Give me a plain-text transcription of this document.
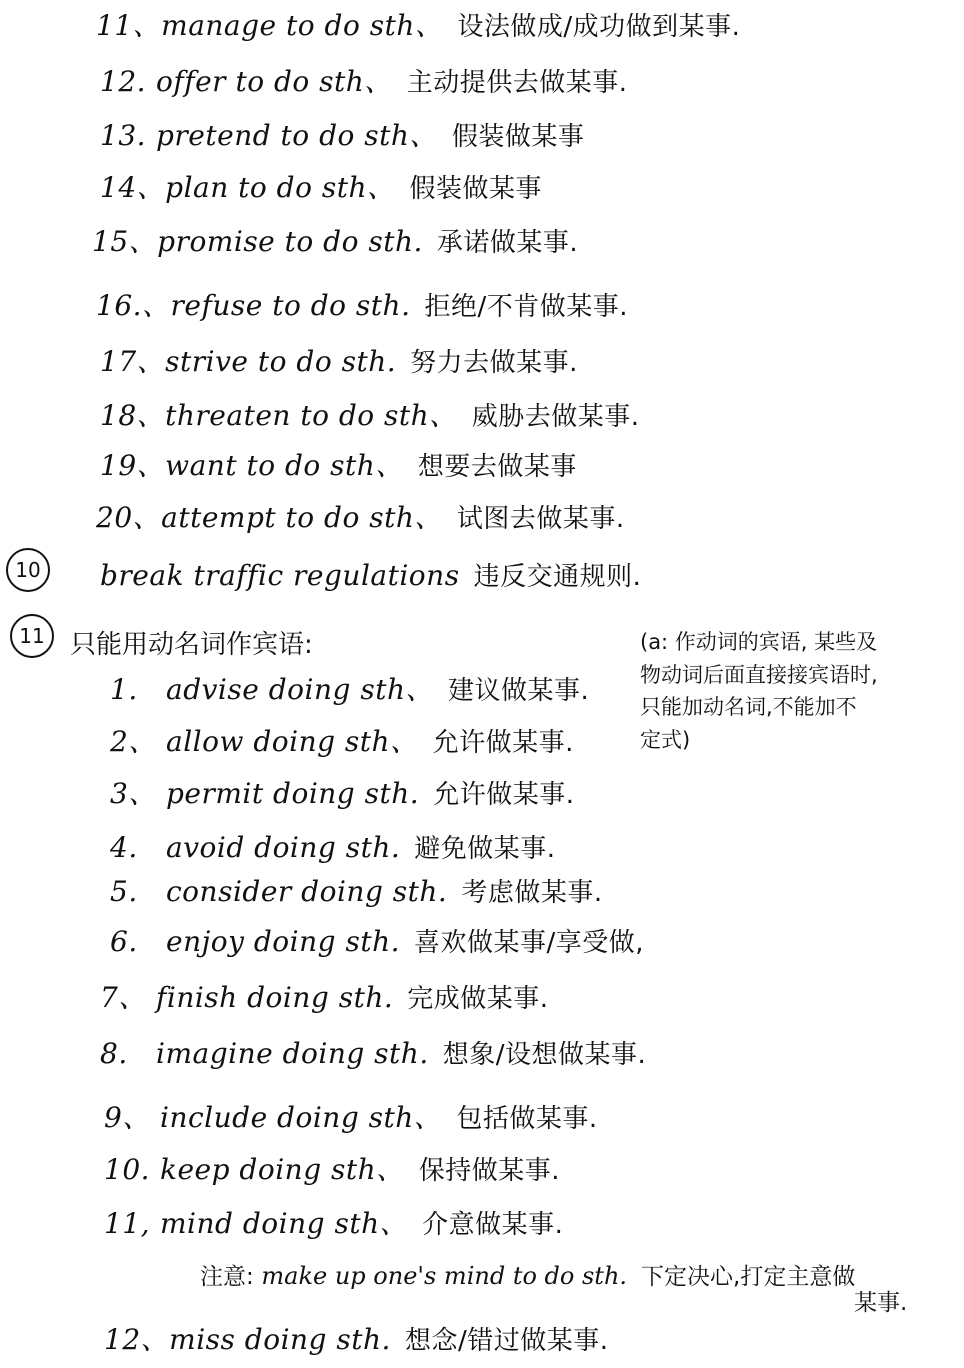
11、manage to do sth、 设法做成/成功做到某事.
12. offer to do sth、 主动提供去做某事.
13. pretend to do sth、 假装做某事
14、plan to do sth、 假装做某事
15、promise to do sth. 承诺做某事.
16.、refuse to do sth. 拒绝/不肯做某事.
17、strive to do sth. 努力去做某事.
18、threaten to do sth、 威胁去做某事.
19、want to do sth、 想要去做某事
20、attempt to do sth、 试图去做某事.
10	break traffic regulations 违反交通规则.
11 只能用动名词作宾语:	(a: 作动词的宾语, 某些及
物动词后面直接接宾语时,
只能加动名词,不能加不
定式)
1. advise doing sth、 建议做某事.
2、 allow doing sth、 允许做某事.
3、 permit doing sth. 允许做某事.
4. avoid doing sth. 避免做某事.
5. consider doing sth. 考虑做某事.
6. enjoy doing sth. 喜欢做某事/享受做,
7、 finish doing sth. 完成做某事.
8. imagine doing sth. 想象/设想做某事.
9、 include doing sth、 包括做某事.
10. keep doing sth、 保持做某事.
11, mind doing sth、 介意做某事.
注意: make up one's mind to do sth. 下定决心,打定主意做
某事.
12、miss doing sth. 想念/错过做某事.
